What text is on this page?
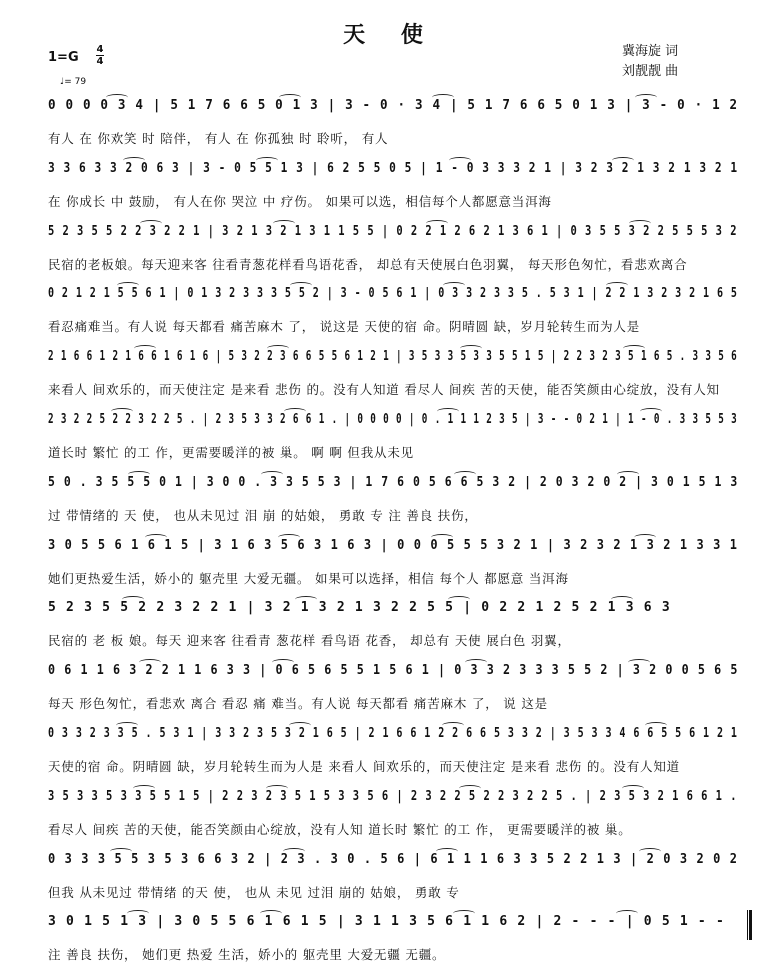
天 使
冀海旋 词
刘靓靓 曲
1=G
4
4
♩= 79
0 0 0 0 3 4 | 5 1 7 6 6 5 0 1 3 | 3 - 0 · 3 4 | 5 1 7 6 6 5 0 1 3 | 3 - 0 · 1 2
有人 在 你欢笑 时 陪伴， 有人 在 你孤独 时 聆听， 有人
3 3 6 3 3 2 0 6 3 | 3 - 0 5 5 1 3 | 6 2 5 5 0 5 | 1 - 0 3 3 3 2 1 | 3 2 3 2 1 3 2 1 3 2 1
在 你成长 中 鼓励， 有人在你 哭泣 中 疗伤。 如果可以选，相信每个人都愿意当洱海
5 2 3 5 5 2 2 3 2 2 1 | 3 2 1 3 2 1 3 1 1 5 5 | 0 2 2 1 2 6 2 1 3 6 1 | 0 3 5 5 3 2 2 5 5 5 3 2
民宿的老板娘。每天迎来客 往看青葱花样看鸟语花香， 却总有天使展白色羽翼， 每天形色匆忙，看悲欢离合
0 2 1 2 1 5 5 6 1 | 0 1 3 2 3 3 3 5 5 2 | 3 - 0 5 6 1 | 0 3 3 2 3 3 5 . 5 3 1 | 2 2 1 3 2 3 2 1 6 5
看忍痛难当。有人说 每天都看 痛苦麻木 了， 说这是 天使的宿 命。阴晴圆 缺，岁月轮转生而为人是
2 1 6 6 1 2 1 6 6 1 6 1 6 | 5 3 2 2 3 6 6 5 5 6 1 2 1 | 3 5 3 3 5 3 3 5 5 1 5 | 2 2 3 2 3 5 1 6 5 . 3 3 5 6
来看人 间欢乐的，而天使注定 是来看 悲伤 的。没有人知道 看尽人 间疾 苦的天使，能否笑颜由心绽放，没有人知
2 3 2 2 5 2 2 3 2 2 5 . | 2 3 5 3 3 2 6 6 1 . | 0 0 0 0 | 0 . 1 1 1 2 3 5 | 3 - - 0 2 1 | 1 - 0 . 3 3 5 5 3
道长时 繁忙 的工 作，更需要暖洋的被 巢。 啊 啊 但我从未见
5 0 . 3 5 5 5 0 1 | 3 0 0 . 3 3 5 5 3 | 1 7 6 0 5 6 6 5 3 2 | 2 0 3 2 0 2 | 3 0 1 5 1 3
过 带情绪的 天 使， 也从未见过 泪 崩 的姑娘， 勇敢 专 注 善良 扶伤，
3 0 5 5 6 1 6 1 5 | 3 1 6 3 5 6 3 1 6 3 | 0 0 0 5 5 5 3 2 1 | 3 2 3 2 1 3 2 1 3 3 1
她们更热爱生活，娇小的 躯壳里 大爱无疆。 如果可以选择，相信 每个人 都愿意 当洱海
5 2 3 5 5 2 2 3 2 2 1 | 3 2 1 3 2 1 3 2 2 5 5 | 0 2 2 1 2 5 2 1 3 6 3
民宿的 老 板 娘。每天 迎来客 往看青 葱花样 看鸟语 花香， 却总有 天使 展白色 羽翼，
0 6 1 1 6 3 2 2 1 1 6 3 3 | 0 6 5 6 5 5 1 5 6 1 | 0 3 3 2 3 3 3 5 5 2 | 3 2 0 0 5 6 5
每天 形色匆忙，看悲欢 离合 看忍 痛 难当。有人说 每天都看 痛苦麻木 了， 说 这是
0 3 3 2 3 3 5 . 5 3 1 | 3 3 2 3 5 3 2 1 6 5 | 2 1 6 6 1 2 2 6 6 5 3 3 2 | 3 5 3 3 4 6 6 5 5 6 1 2 1
天使的宿 命。阴晴圆 缺，岁月轮转生而为人是 来看人 间欢乐的，而天使注定 是来看 悲伤 的。没有人知道
3 5 3 3 5 3 3 5 5 1 5 | 2 2 3 2 3 5 1 5 3 3 5 6 | 2 3 2 2 5 2 2 3 2 2 5 . | 2 3 5 3 2 1 6 6 1 .
看尽人 间疾 苦的天使，能否笑颜由心绽放，没有人知 道长时 繁忙 的工 作， 更需要暖洋的被 巢。
0 3 3 3 5 5 3 5 3 6 6 3 2 | 2 3 . 3 0 . 5 6 | 6 1 1 1 6 3 3 5 2 2 1 3 | 2 0 3 2 0 2
但我 从未见过 带情绪 的天 使， 也从 未见 过泪 崩的 姑娘， 勇敢 专
3 0 1 5 1 3 | 3 0 5 5 6 1 6 1 5 | 3 1 1 3 5 6 1 1 6 2 | 2 - - - | 0 5 1 - -
注 善良 扶伤， 她们更 热爱 生活，娇小的 躯壳里 大爱无疆 无疆。
